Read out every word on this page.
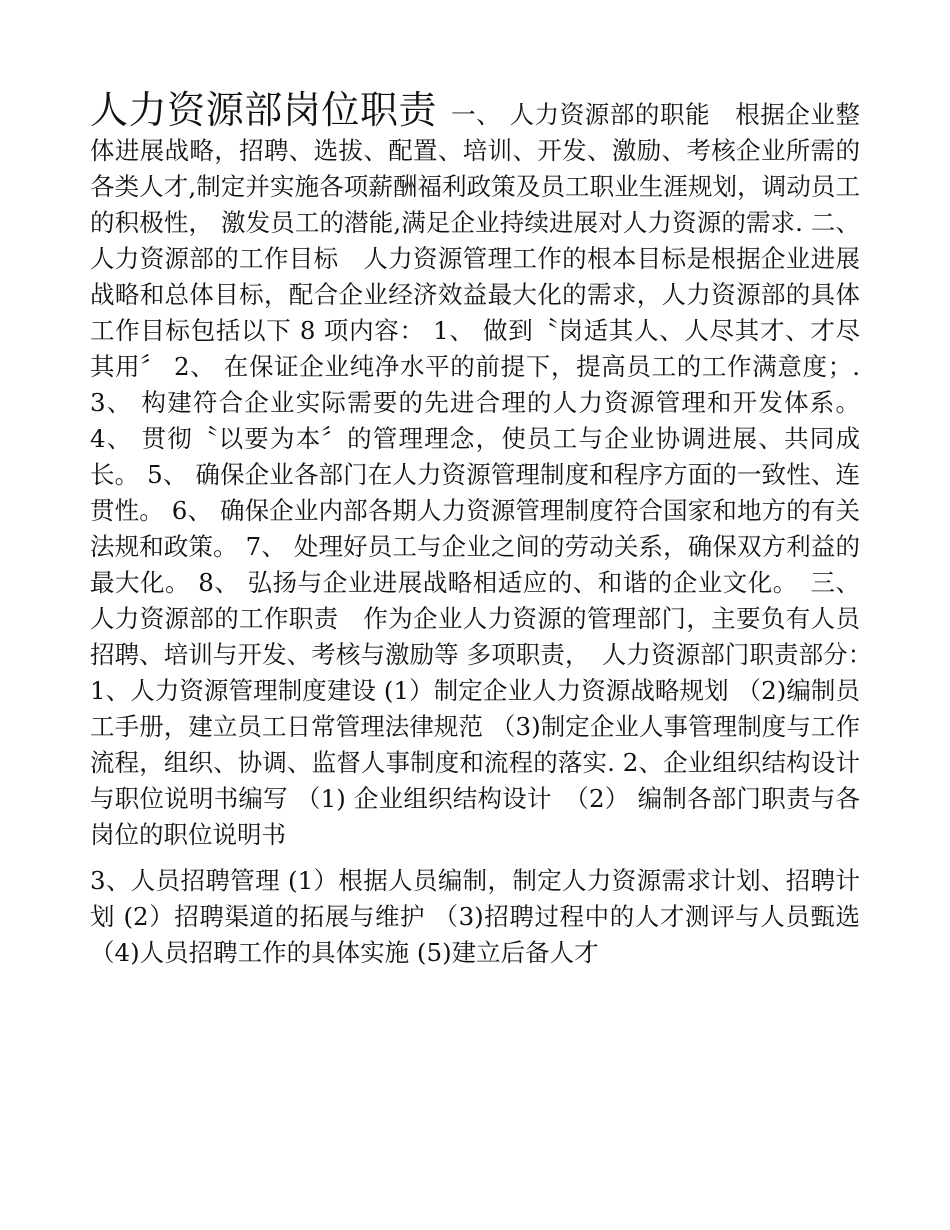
人力资源部岗位职责 一、 人力资源部的职能　根据企业整体进展战略，招聘、选拔、配置、培训、开发、激励、考核企业所需的各类人才,制定并实施各项薪酬福利政策及员工职业生涯规划，调动员工的积极性， 激发员工的潜能,满足企业持续进展对人力资源的需求. 二、 人力资源部的工作目标　人力资源管理工作的根本目标是根据企业进展战略和总体目标，配合企业经济效益最大化的需求，人力资源部的具体工作目标包括以下 8 项内容： 1、 做到〝岗适其人、人尽其才、才尽其用〞 2、 在保证企业纯净水平的前提下，提高员工的工作满意度；. 3、 构建符合企业实际需要的先进合理的人力资源管理和开发体系。 4、 贯彻〝以要为本〞的管理理念，使员工与企业协调进展、共同成长。 5、 确保企业各部门在人力资源管理制度和程序方面的一致性、连贯性。 6、 确保企业内部各期人力资源管理制度符合国家和地方的有关法规和政策。 7、 处理好员工与企业之间的劳动关系，确保双方利益的最大化。 8、 弘扬与企业进展战略相适应的、和谐的企业文化。　三、 人力资源部的工作职责　作为企业人力资源的管理部门，主要负有人员招聘、培训与开发、考核与激励等 多项职责，　人力资源部门职责部分：　1、人力资源管理制度建设 (1）制定企业人力资源战略规划 （2)编制员工手册，建立员工日常管理法律规范 （3)制定企业人事管理制度与工作流程，组织、协调、监督人事制度和流程的落实. 2、企业组织结构设计与职位说明书编写 （1) 企业组织结构设计　（2） 编制各部门职责与各岗位的职位说明书

3、人员招聘管理 (1）根据人员编制，制定人力资源需求计划、招聘计划 (2）招聘渠道的拓展与维护 （3)招聘过程中的人才测评与人员甄选 （4)人员招聘工作的具体实施 (5)建立后备人才
